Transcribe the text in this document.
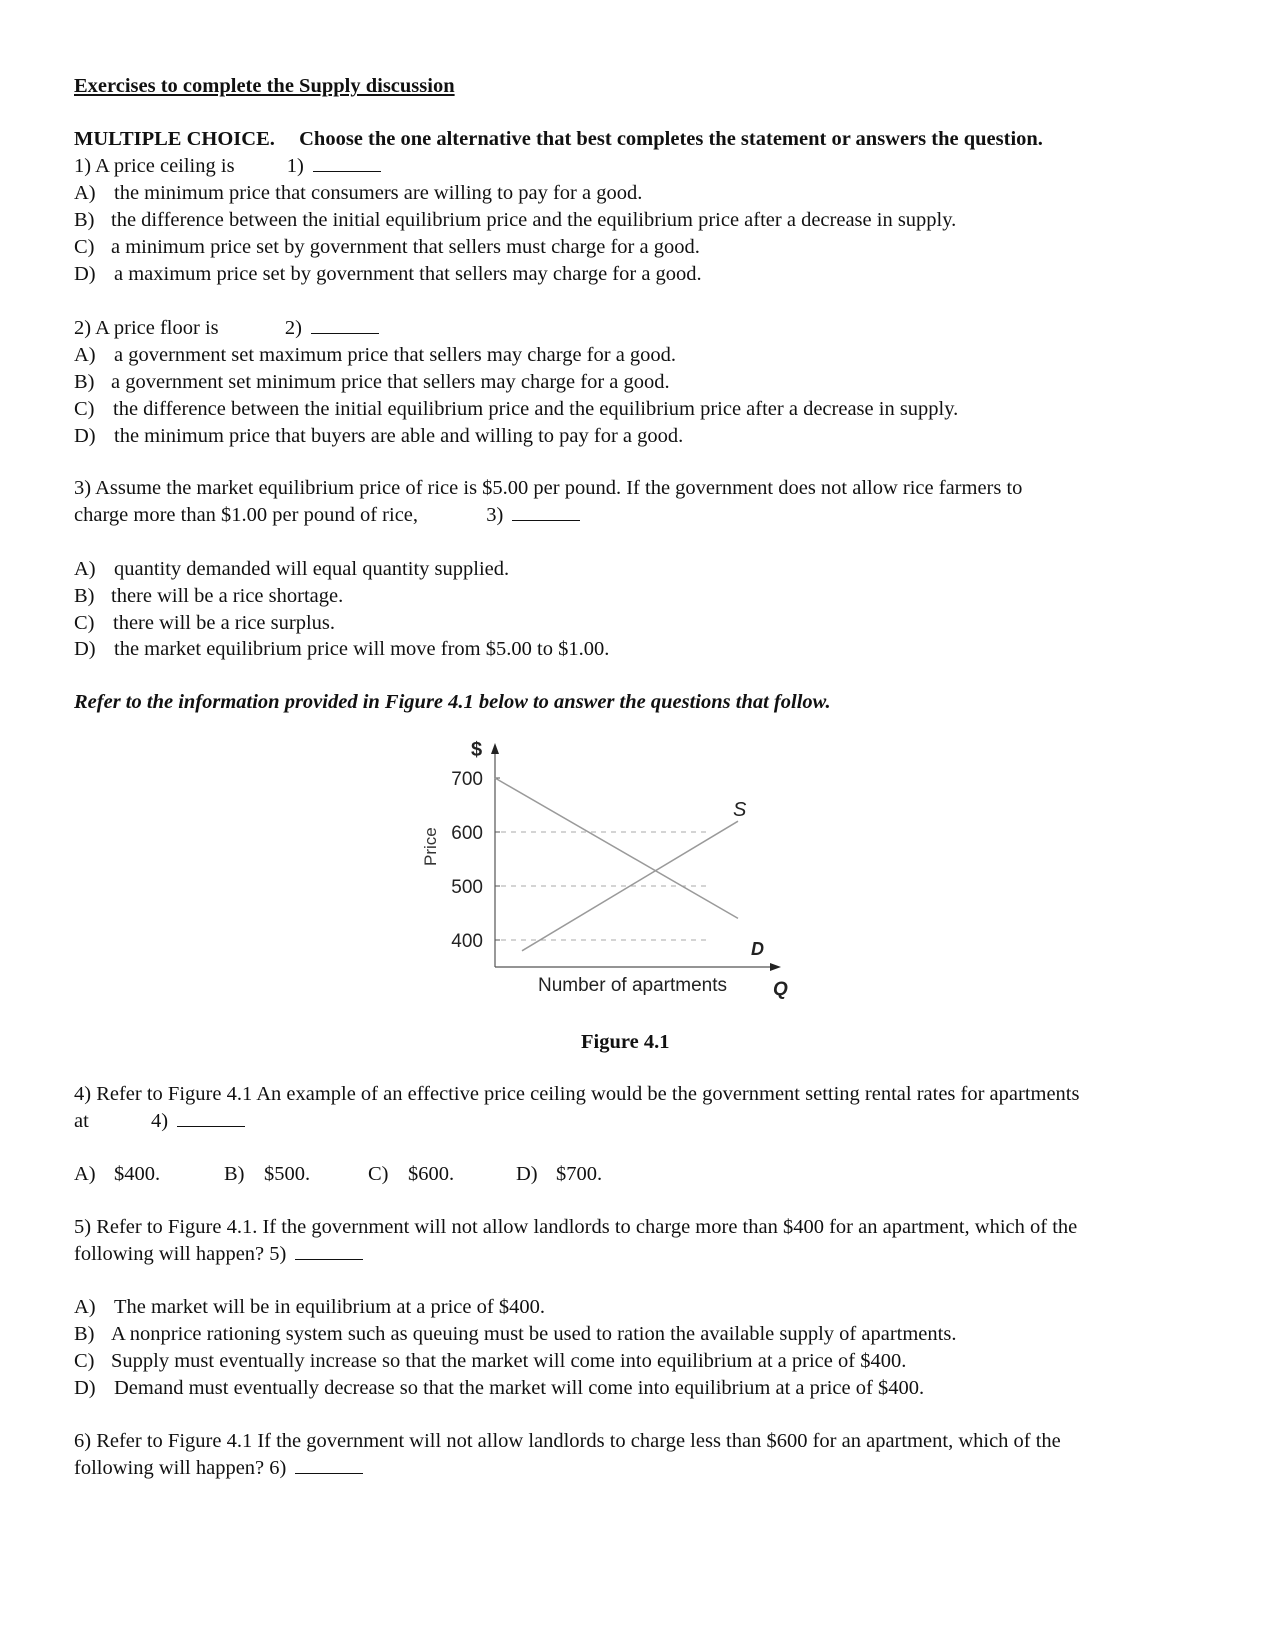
Exercises to complete the Supply discussion
MULTIPLE CHOICE. Choose the one alternative that best completes the statement or answers the question.
1) A price ceiling is	1)
A) the minimum price that consumers are willing to pay for a good.
B) the difference between the initial equilibrium price and the equilibrium price after a decrease in supply.
C) a minimum price set by government that sellers must charge for a good.
D) a maximum price set by government that sellers may charge for a good.
2) A price floor is	2)
A) a government set maximum price that sellers may charge for a good.
B) a government set minimum price that sellers may charge for a good.
C) the difference between the initial equilibrium price and the equilibrium price after a decrease in supply.
D) the minimum price that buyers are able and willing to pay for a good.
3) Assume the market equilibrium price of rice is $5.00 per pound. If the government does not allow rice farmers to
charge more than $1.00 per pound of rice,	3)
A) quantity demanded will equal quantity supplied.
B) there will be a rice shortage.
C) there will be a rice surplus.
D) the market equilibrium price will move from $5.00 to $1.00.
Refer to the information provided in Figure 4.1 below to answer the questions that follow.
700
600
500
400
$
Price
S
D
Number of apartments Q
Figure 4.1
4) Refer to Figure 4.1 An example of an effective price ceiling would be the government setting rental rates for apartments
at	4)
A) $400.	B) $500.	C) $600.	D) $700.
5) Refer to Figure 4.1. If the government will not allow landlords to charge more than $400 for an apartment, which of the
following will happen? 5)
A) The market will be in equilibrium at a price of $400.
B) A nonprice rationing system such as queuing must be used to ration the available supply of apartments.
C) Supply must eventually increase so that the market will come into equilibrium at a price of $400.
D) Demand must eventually decrease so that the market will come into equilibrium at a price of $400.
6) Refer to Figure 4.1 If the government will not allow landlords to charge less than $600 for an apartment, which of the
following will happen? 6)
